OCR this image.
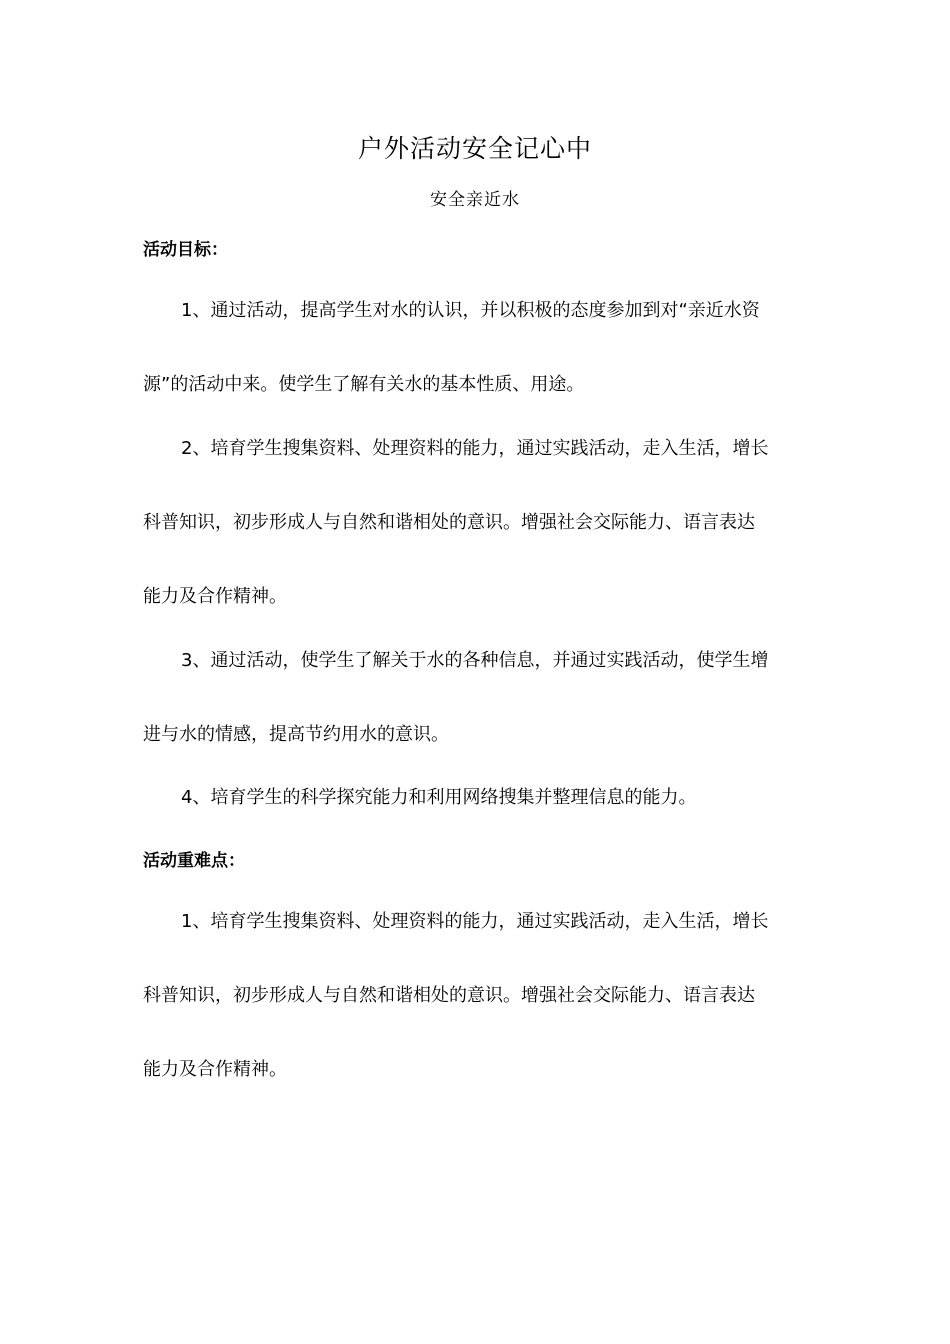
户外活动安全记心中
安全亲近水
活动目标：
1、通过活动，提高学生对水的认识，并以积极的态度参加到对“亲近水资
源”的活动中来。使学生了解有关水的基本性质、用途。
2、培育学生搜集资料、处理资料的能力，通过实践活动，走入生活，增长
科普知识，初步形成人与自然和谐相处的意识。增强社会交际能力、语言表达
能力及合作精神。
3、通过活动，使学生了解关于水的各种信息，并通过实践活动，使学生增
进与水的情感，提高节约用水的意识。
4、培育学生的科学探究能力和利用网络搜集并整理信息的能力。
活动重难点：
1、培育学生搜集资料、处理资料的能力，通过实践活动，走入生活，增长
科普知识，初步形成人与自然和谐相处的意识。增强社会交际能力、语言表达
能力及合作精神。
